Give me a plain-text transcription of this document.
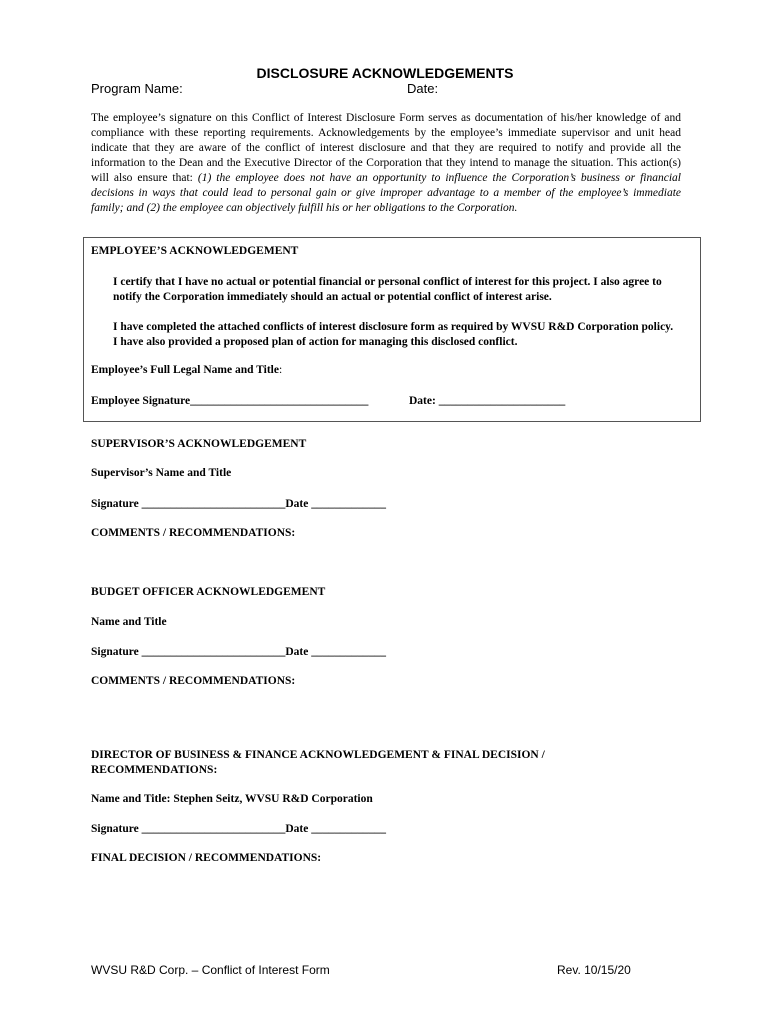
DISCLOSURE ACKNOWLEDGEMENTS
Program Name:	Date:
The employee’s signature on this Conflict of Interest Disclosure Form serves as documentation of his/her knowledge of and compliance with these reporting requirements. Acknowledgements by the employee’s immediate supervisor and unit head indicate that they are aware of the conflict of interest disclosure and that they are required to notify and provide all the information to the Dean and the Executive Director of the Corporation that they intend to manage the situation. This action(s) will also ensure that: (1) the employee does not have an opportunity to influence the Corporation’s business or financial decisions in ways that could lead to personal gain or give improper advantage to a member of the employee’s immediate family; and (2) the employee can objectively fulfill his or her obligations to the Corporation.
EMPLOYEE’S ACKNOWLEDGEMENT
I certify that I have no actual or potential financial or personal conflict of interest for this project. I also agree to notify the Corporation immediately should an actual or potential conflict of interest arise.
I have completed the attached conflicts of interest disclosure form as required by WVSU R&D Corporation policy. I have also provided a proposed plan of action for managing this disclosed conflict.
Employee’s Full Legal Name and Title:
Employee Signature_______________________________	Date: ______________________
SUPERVISOR’S ACKNOWLEDGEMENT
Supervisor’s Name and Title
Signature _________________________Date _____________
COMMENTS / RECOMMENDATIONS:
BUDGET OFFICER ACKNOWLEDGEMENT
Name and Title
Signature _________________________Date _____________
COMMENTS / RECOMMENDATIONS:
DIRECTOR OF BUSINESS & FINANCE ACKNOWLEDGEMENT & FINAL DECISION / RECOMMENDATIONS:
Name and Title: Stephen Seitz, WVSU R&D Corporation
Signature _________________________Date _____________
FINAL DECISION / RECOMMENDATIONS:
WVSU R&D Corp. – Conflict of Interest Form	Rev. 10/15/20
